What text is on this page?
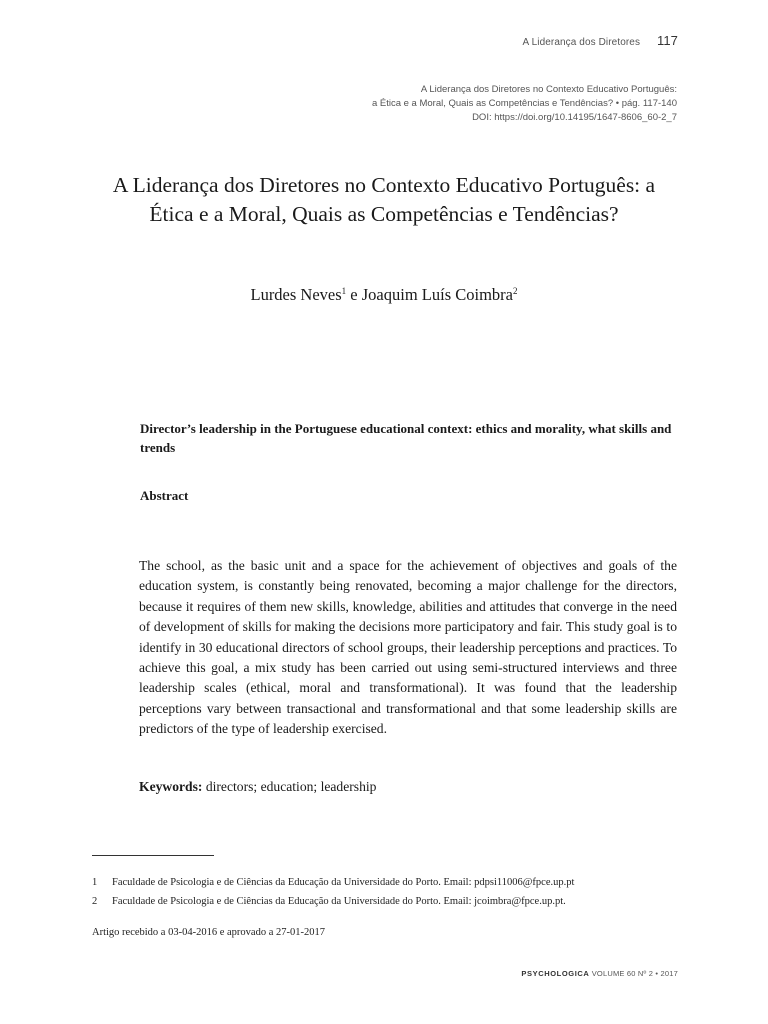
A Liderança dos Diretores 117
A Liderança dos Diretores no Contexto Educativo Português:
a Ética e a Moral, Quais as Competências e Tendências? • pág. 117-140
DOI: https://doi.org/10.14195/1647-8606_60-2_7
A Liderança dos Diretores no Contexto Educativo Português: a Ética e a Moral, Quais as Competências e Tendências?
Lurdes Neves$^1$ e Joaquim Luís Coimbra$^2$
Director’s leadership in the Portuguese educational context: ethics and morality, what skills and trends
Abstract
The school, as the basic unit and a space for the achievement of objectives and goals of the education system, is constantly being renovated, becoming a major challenge for the directors, because it requires of them new skills, knowledge, abilities and attitudes that converge in the need of development of skills for making the decisions more participatory and fair. This study goal is to identify in 30 educational directors of school groups, their leadership perceptions and practices. To achieve this goal, a mix study has been carried out using semi-structured interviews and three leadership scales (ethical, moral and transformational). It was found that the leadership perceptions vary between transactional and transformational and that some leadership skills are predictors of the type of leadership exercised.
Keywords: directors; education; leadership
1 Faculdade de Psicologia e de Ciências da Educação da Universidade do Porto. Email: pdpsi11006@fpce.up.pt
2 Faculdade de Psicologia e de Ciências da Educação da Universidade do Porto. Email: jcoimbra@fpce.up.pt.
Artigo recebido a 03-04-2016 e aprovado a 27-01-2017
PSYCHOLOGICA VOLUME 60 Nº 2 • 2017
